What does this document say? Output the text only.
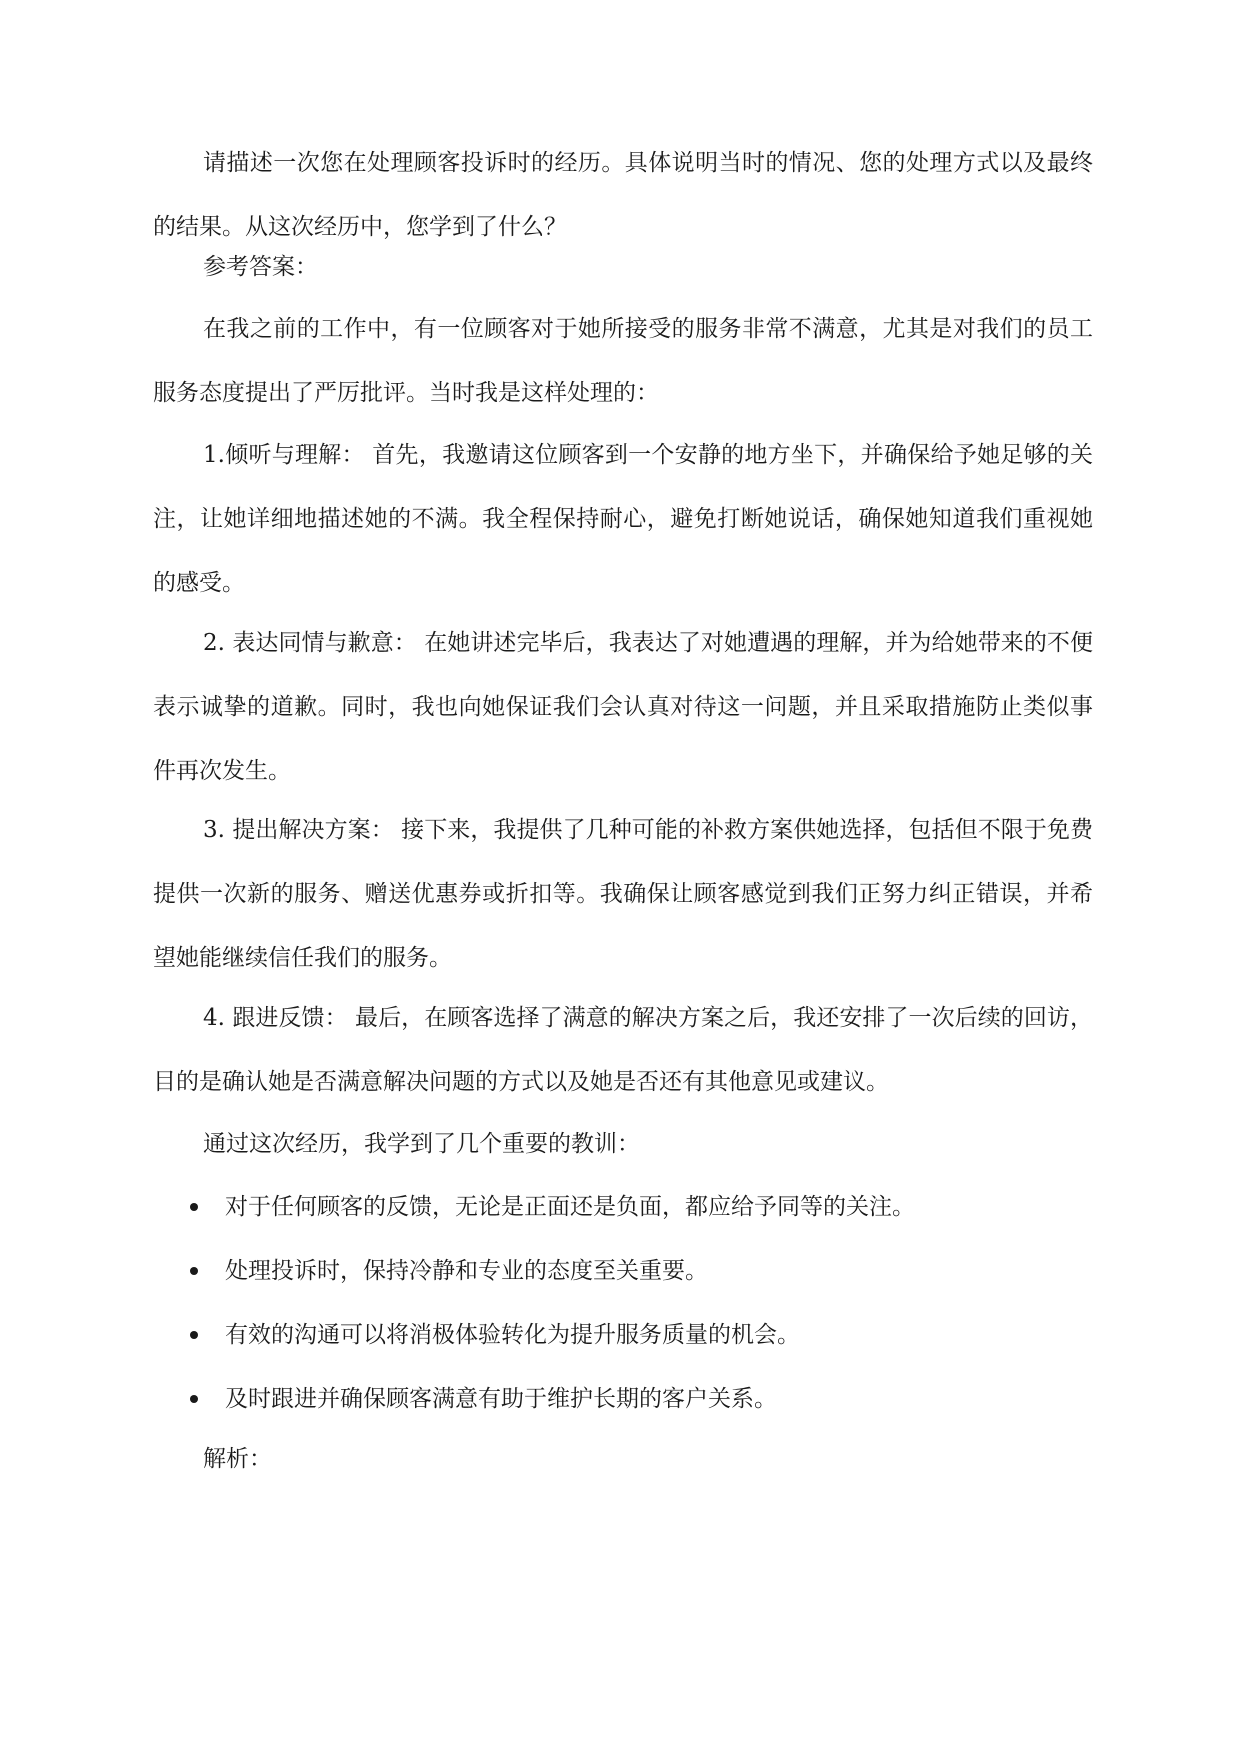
请描述一次您在处理顾客投诉时的经历。具体说明当时的情况、您的处理方式以及最终的结果。从这次经历中，您学到了什么？

参考答案：

在我之前的工作中，有一位顾客对于她所接受的服务非常不满意，尤其是对我们的员工服务态度提出了严厉批评。当时我是这样处理的：

1.倾听与理解： 首先，我邀请这位顾客到一个安静的地方坐下，并确保给予她足够的关注，让她详细地描述她的不满。我全程保持耐心，避免打断她说话，确保她知道我们重视她的感受。

2. 表达同情与歉意： 在她讲述完毕后，我表达了对她遭遇的理解，并为给她带来的不便表示诚挚的道歉。同时，我也向她保证我们会认真对待这一问题，并且采取措施防止类似事件再次发生。

3. 提出解决方案： 接下来，我提供了几种可能的补救方案供她选择，包括但不限于免费提供一次新的服务、赠送优惠券或折扣等。我确保让顾客感觉到我们正努力纠正错误，并希望她能继续信任我们的服务。

4. 跟进反馈： 最后，在顾客选择了满意的解决方案之后，我还安排了一次后续的回访，目的是确认她是否满意解决问题的方式以及她是否还有其他意见或建议。

通过这次经历，我学到了几个重要的教训：

对于任何顾客的反馈，无论是正面还是负面，都应给予同等的关注。
处理投诉时，保持冷静和专业的态度至关重要。
有效的沟通可以将消极体验转化为提升服务质量的机会。
及时跟进并确保顾客满意有助于维护长期的客户关系。

解析：
